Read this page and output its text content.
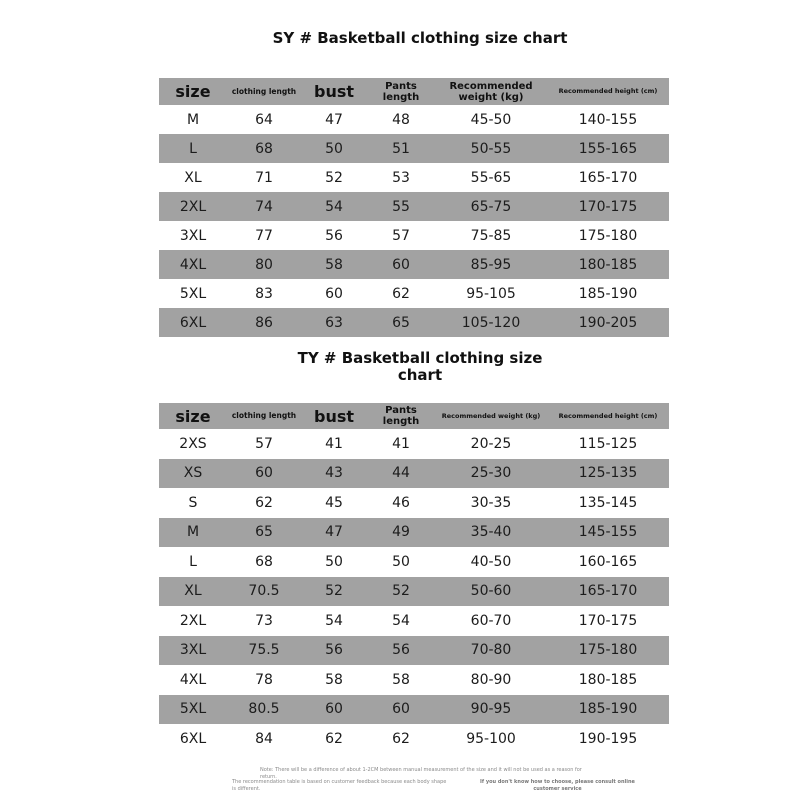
SY # Basketball clothing size chart
size	clothing length	bust	Pants length	Recommended weight (kg)	Recommended height (cm)
M	64	47	48	45-50	140-155
L	68	50	51	50-55	155-165
XL	71	52	53	55-65	165-170
2XL	74	54	55	65-75	170-175
3XL	77	56	57	75-85	175-180
4XL	80	58	60	85-95	180-185
5XL	83	60	62	95-105	185-190
6XL	86	63	65	105-120	190-205
TY # Basketball clothing size chart
size	clothing length	bust	Pants length	Recommended weight (kg)	Recommended height (cm)
2XS	57	41	41	20-25	115-125
XS	60	43	44	25-30	125-135
S	62	45	46	30-35	135-145
M	65	47	49	35-40	145-155
L	68	50	50	40-50	160-165
XL	70.5	52	52	50-60	165-170
2XL	73	54	54	60-70	170-175
3XL	75.5	56	56	70-80	175-180
4XL	78	58	58	80-90	180-185
5XL	80.5	60	60	90-95	185-190
6XL	84	62	62	95-100	190-195
Note: There will be a difference of about 1-2CM between manual measurement of the size and it will not be used as a reason for return.
The recommendation table is based on customer feedback because each body shape is different.
If you don't know how to choose, please consult online customer service
